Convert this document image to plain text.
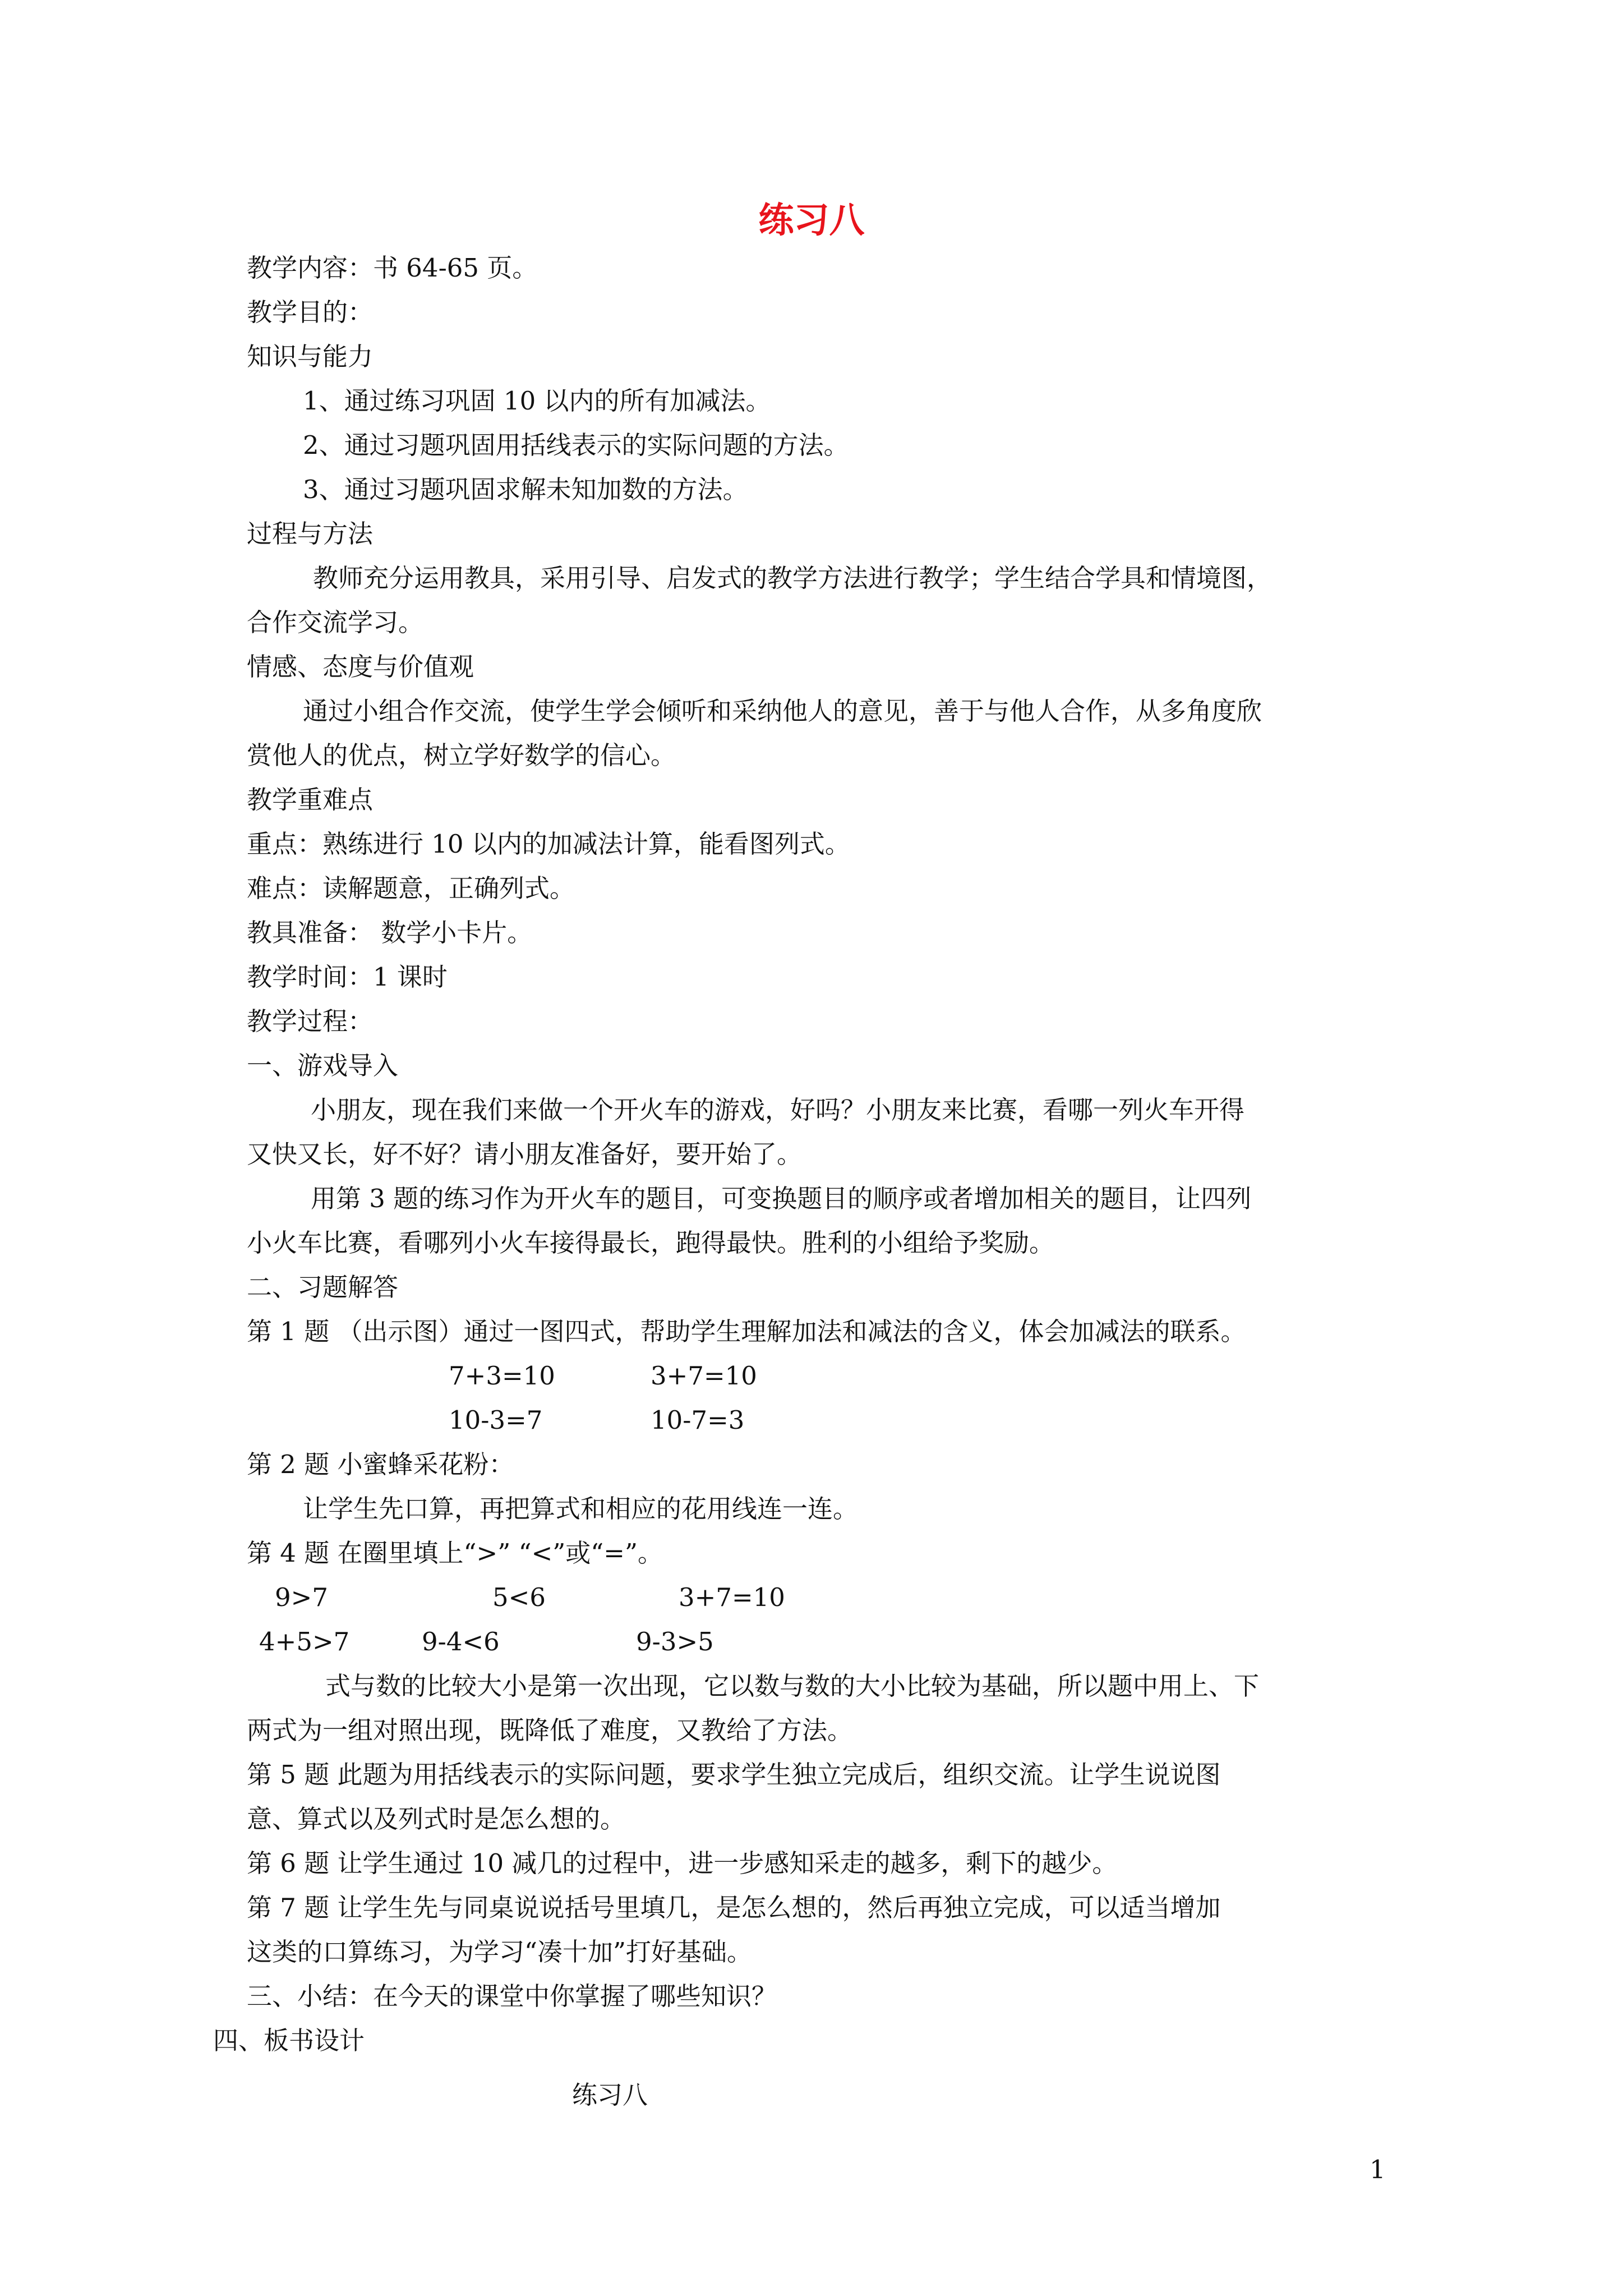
练习八
教学内容：书 64-65 页。
教学目的：
知识与能力
1、通过练习巩固 10 以内的所有加减法。
2、通过习题巩固用括线表示的实际问题的方法。
3、通过习题巩固求解未知加数的方法。
过程与方法
教师充分运用教具，采用引导、启发式的教学方法进行教学；学生结合学具和情境图，
合作交流学习。
情感、态度与价值观
通过小组合作交流，使学生学会倾听和采纳他人的意见，善于与他人合作，从多角度欣
赏他人的优点，树立学好数学的信心。
教学重难点
重点：熟练进行 10 以内的加减法计算，能看图列式。
难点：读解题意，正确列式。
教具准备： 数学小卡片。
教学时间：1 课时
教学过程：
一、游戏导入
小朋友，现在我们来做一个开火车的游戏，好吗？小朋友来比赛，看哪一列火车开得
又快又长，好不好？请小朋友准备好，要开始了。
用第 3 题的练习作为开火车的题目，可变换题目的顺序或者增加相关的题目，让四列
小火车比赛，看哪列小火车接得最长，跑得最快。胜利的小组给予奖励。
二、习题解答
第 1 题 （出示图）通过一图四式，帮助学生理解加法和减法的含义，体会加减法的联系。
7+3=10	3+7=10
10-3=7	10-7=3
第 2 题 小蜜蜂采花粉：
让学生先口算，再把算式和相应的花用线连一连。
第 4 题 在圈里填上“>” “<”或“=”。
9>7	5<6	3+7=10
4+5>7	9-4<6	9-3>5
式与数的比较大小是第一次出现，它以数与数的大小比较为基础，所以题中用上、下
两式为一组对照出现，既降低了难度，又教给了方法。
第 5 题 此题为用括线表示的实际问题，要求学生独立完成后，组织交流。让学生说说图
意、算式以及列式时是怎么想的。
第 6 题 让学生通过 10 减几的过程中，进一步感知采走的越多，剩下的越少。
第 7 题 让学生先与同桌说说括号里填几，是怎么想的，然后再独立完成，可以适当增加
这类的口算练习，为学习“凑十加”打好基础。
三、小结：在今天的课堂中你掌握了哪些知识？
四、板书设计
练习八
1
